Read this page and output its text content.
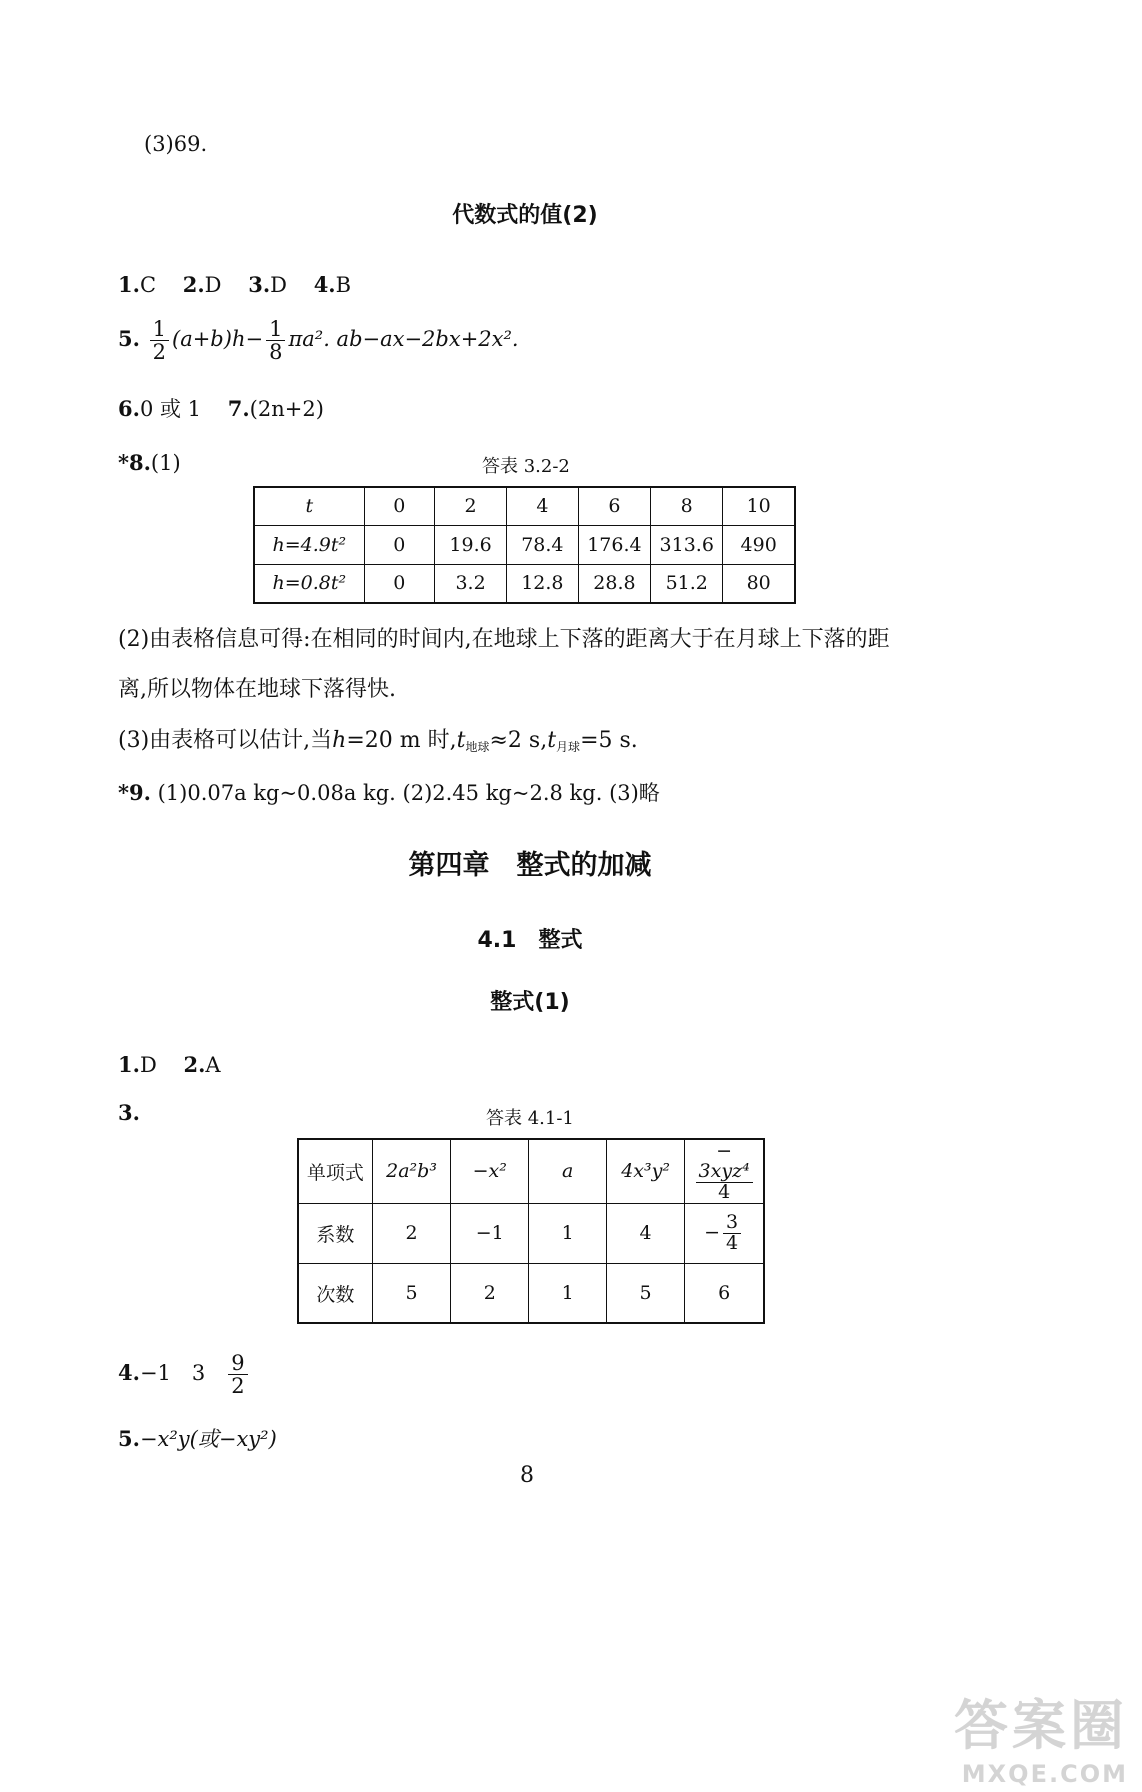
(3)69.
代数式的值(2)
1.C 2.D 3.D 4.B
5. $\frac{1}{2} (a+b)h- \frac{1}{8} \pi a^2$. ab−ax−2bx+2x².
6.0 或 1 7.(2n+2)
*8.(1)	答表 3.2-2
t	0	2	4	6	8	10
h=4.9t²	0	19.6	78.4	176.4	313.6	490
h=0.8t²	0	3.2	12.8	28.8	51.2	80
(2)由表格信息可得:在相同的时间内,在地球上下落的距离大于在月球上下落的距
离,所以物体在地球下落得快.
(3)由表格可以估计,当h=20 m 时$,t_{地球}\approx 2$ $s,t_{月球}=5$ s.
*9. (1)0.07a kg~0.08a kg. (2)2.45 kg~2.8 kg. (3)略
第四章　整式的加减
4.1　整式
整式(1)
1.D 2.A
3.	答表 4.1-1
单项式	2a²b³	−x²	a	4x³y²	−
$\frac{\text{3xyz⁴}}{4}$

系数	2	−1	1	4	− $\frac{3}{4}$

次数	5	2	1	5	6
4.−1　$3 \frac{9}{2}$
5.−x²y(或−xy²)
8
答案圈
MXQE.COM
